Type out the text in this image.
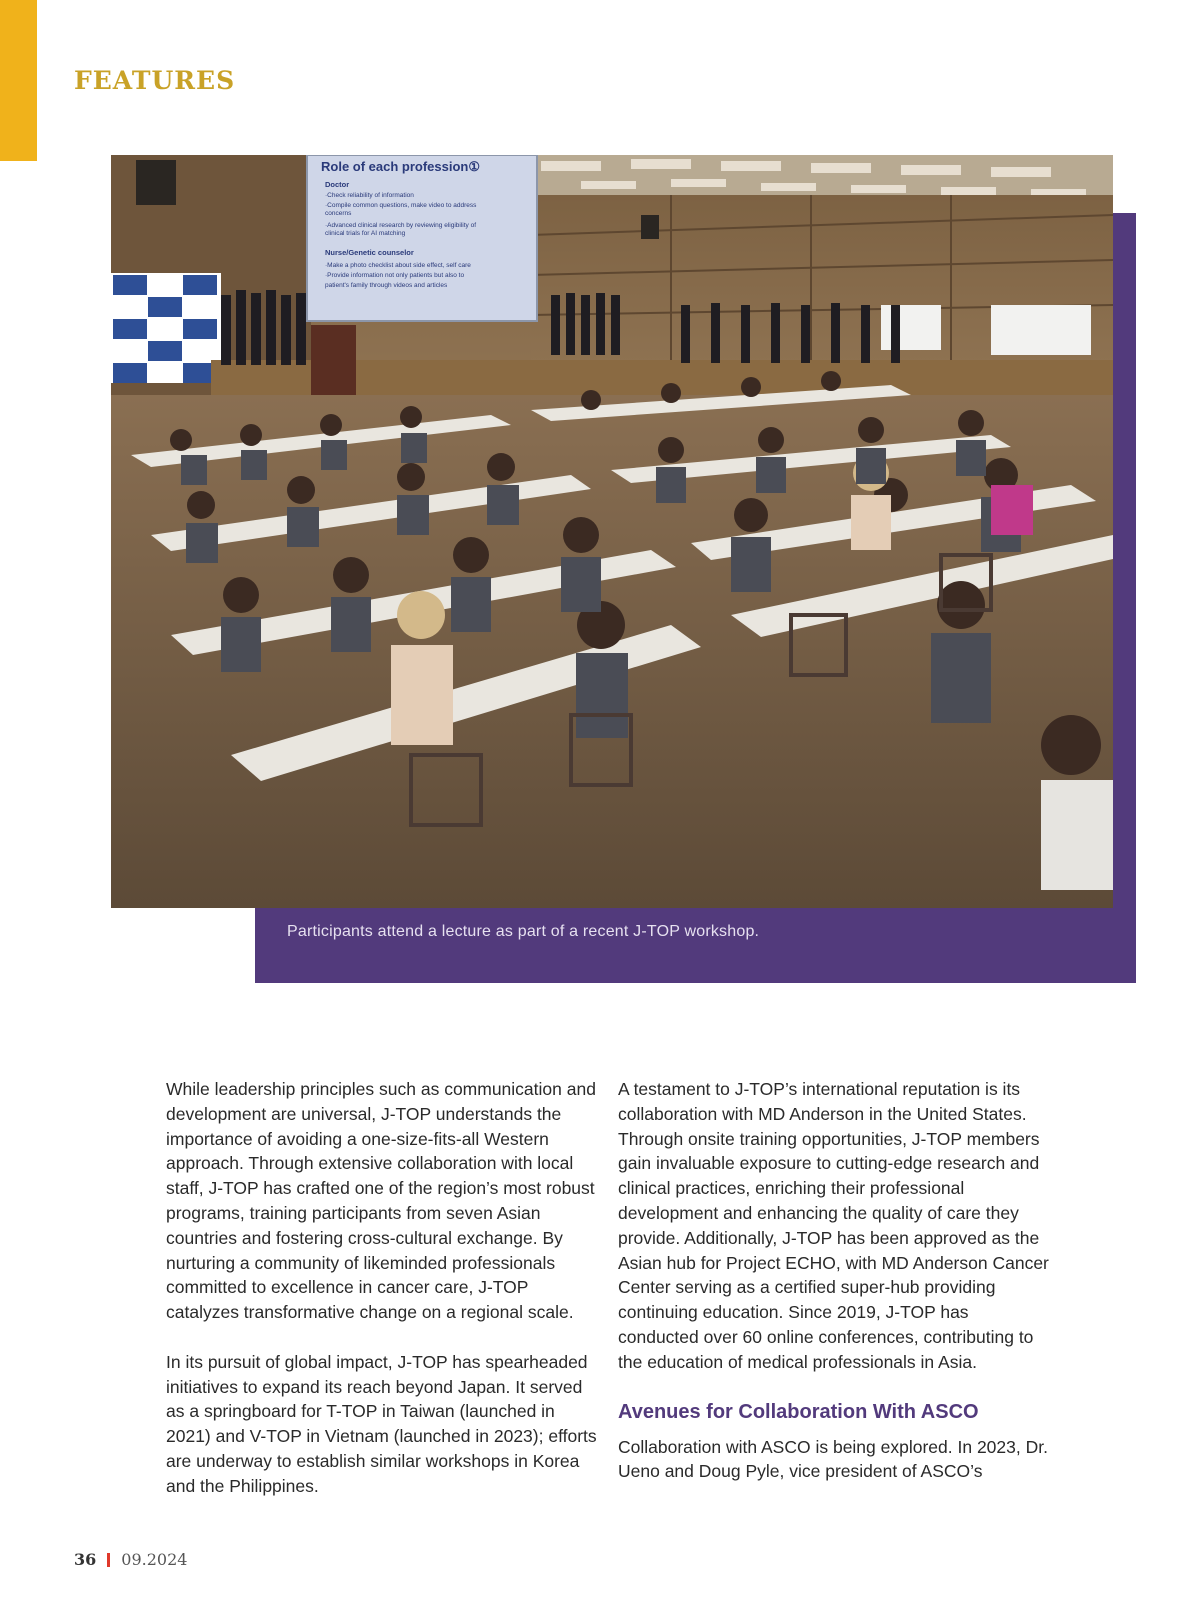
FEATURES
Role of each profession①
Doctor
·Check reliability of information
·Compile common questions, make video to address
concerns
·Advanced clinical research by reviewing eligibility of
clinical trials for AI matching
Nurse/Genetic counselor
·Make a photo checklist about side effect, self care
·Provide information not only patients but also to
patient's family through videos and articles
Participants attend a lecture as part of a recent J-TOP workshop.

While leadership principles such as communication and development are universal, J-TOP understands the importance of avoiding a one-size-fits-all Western approach. Through extensive collaboration with local staff, J-TOP has crafted one of the region’s most robust programs, training participants from seven Asian countries and fostering cross-cultural exchange. By nurturing a community of likeminded professionals committed to excellence in cancer care, J-TOP catalyzes transformative change on a regional scale.

In its pursuit of global impact, J-TOP has spearheaded initiatives to expand its reach beyond Japan. It served as a springboard for T-TOP in Taiwan (launched in 2021) and V-TOP in Vietnam (launched in 2023); efforts are underway to establish similar workshops in Korea and the Philippines.

A testament to J-TOP’s international reputation is its collaboration with MD Anderson in the United States. Through onsite training opportunities, J-TOP members gain invaluable exposure to cutting-edge research and clinical practices, enriching their professional development and enhancing the quality of care they provide. Additionally, J-TOP has been approved as the Asian hub for Project ECHO, with MD Anderson Cancer Center serving as a certified super-hub providing continuing education. Since 2019, J-TOP has conducted over 60 online conferences, contributing to the education of medical professionals in Asia.

Avenues for Collaboration With ASCO

Collaboration with ASCO is being explored. In 2023, Dr. Ueno and Doug Pyle, vice president of ASCO’s

36 09.2024
